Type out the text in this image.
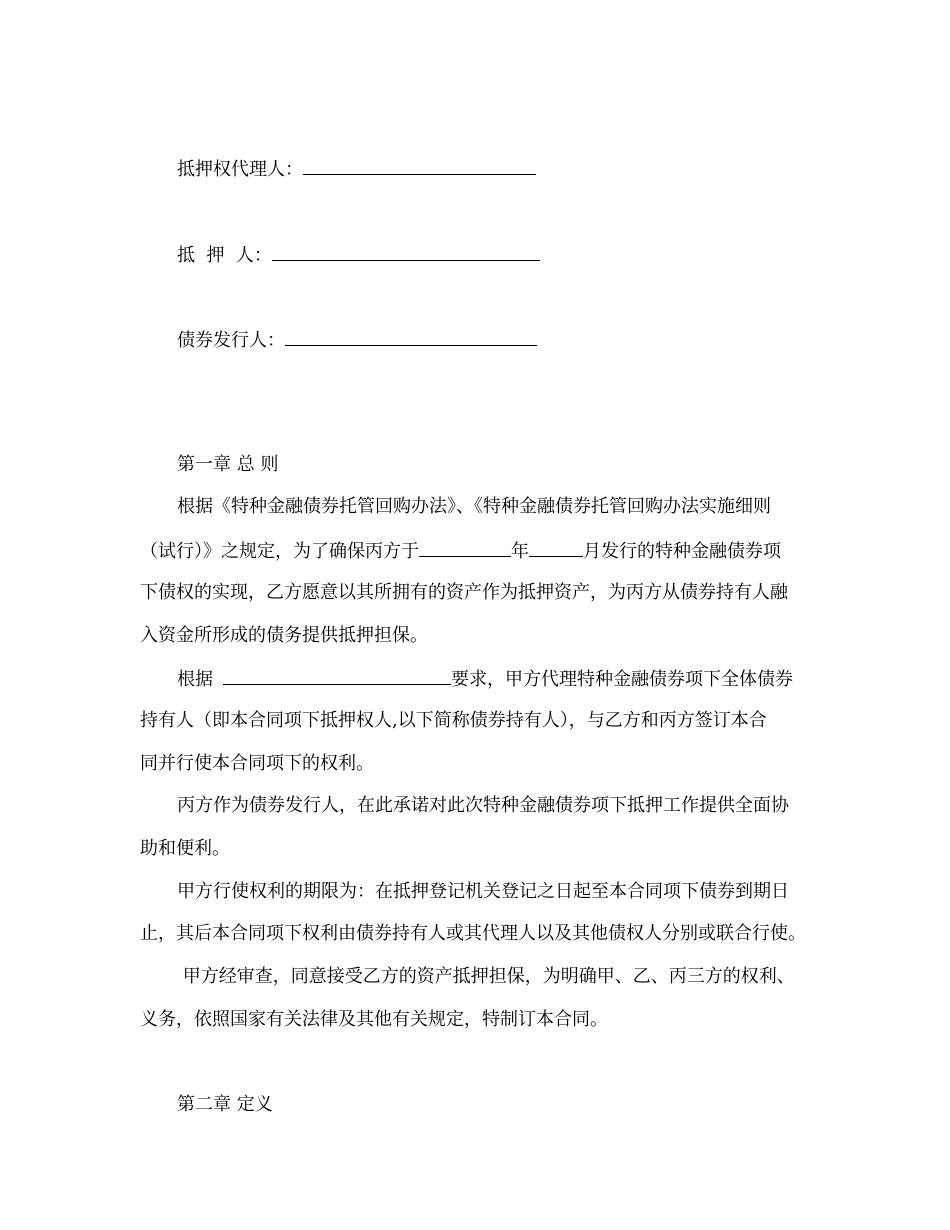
抵押权代理人：
抵  押  人：
债券发行人：
第一章 总 则
根据《特种金融债券托管回购办法》、《特种金融债券托管回购办法实施细则
（试行）》之规定，为了确保丙方于	年	月发行的特种金融债券项
下债权的实现，乙方愿意以其所拥有的资产作为抵押资产，为丙方从债券持有人融
入资金所形成的债务提供抵押担保。
根据	要求，甲方代理特种金融债券项下全体债券
持有人（即本合同项下抵押权人,以下简称债券持有人），与乙方和丙方签订本合
同并行使本合同项下的权利。
丙方作为债券发行人，在此承诺对此次特种金融债券项下抵押工作提供全面协
助和便利。
甲方行使权利的期限为：在抵押登记机关登记之日起至本合同项下债券到期日
止，其后本合同项下权利由债券持有人或其代理人以及其他债权人分别或联合行使。
甲方经审查，同意接受乙方的资产抵押担保，为明确甲、乙、丙三方的权利、
义务，依照国家有关法律及其他有关规定，特制订本合同。
第二章 定义
